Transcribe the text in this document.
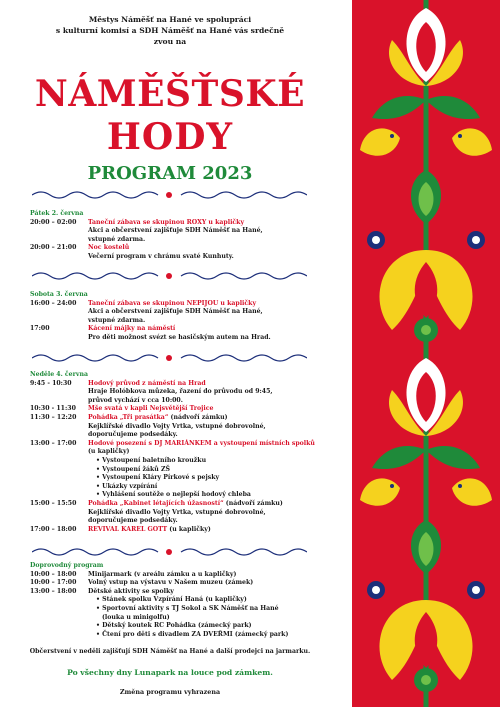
Městys Náměšť na Hané ve spolupráci
s kulturní komisí a SDH Náměšť na Hané vás srdečně
zvou na
NÁMĚŠŤSKÉ
HODY
PROGRAM 2023
Pátek 2. června
20:00 – 02:00	Taneční zábava se skupinou ROXY u kapličky
Akci a občerstvení zajišťuje SDH Náměšť na Hané,
vstupné zdarma.
20:00 – 21:00	Noc kostelů
Večerní program v chrámu svaté Kunhuty.
Sobota 3. června
16:00 – 24:00	Taneční zábava se skupinou NEPIJOU u kapličky
Akci a občerstvení zajišťuje SDH Náměšť na Hané,
vstupné zdarma.
17:00	Kácení májky na náměstí
Pro děti možnost svézt se hasičským autem na Hrad.
Neděle 4. června
9:45 - 10:30	Hodový průvod z náměstí na Hrad
Hraje Holóbkova můzeka, řazení do průvodu od 9:45,
průvod vychází v cca 10:00.
10:30 - 11:30	Mše svatá v kapli Nejsvětější Trojice
11:30 – 12:20	Pohádka „Tři prasátka“ (nádvoří zámku)
Kejklířské divadlo Vojty Vrtka, vstupné dobrovolné,
doporučujeme podsedáky.
13:00 – 17:00	Hodové posezení s DJ MARIÁNKEM a vystoupení místních spolků
(u kapličky)
• Vystoupení baletního kroužku
• Vystoupení žáků ZŠ
• Vystoupení Kláry Pírkové s pejsky
• Ukázky vzpírání
• Vyhlášení soutěže o nejlepší hodový chleba
15:00 – 15:50	Pohádka „Kabinet létajících úžasností“ (nádvoří zámku)
Kejklířské divadlo Vojty Vrtka, vstupné dobrovolné,
doporučujeme podsedáky.
17:00 – 18:00	REVIVAL KAREL GOTT (u kapličky)
Doprovodný program
10:00 – 18:00	Minijarmark (v areálu zámku a u kapličky)
10:00 – 17:00	Volný vstup na výstavu v Našem muzeu (zámek)
13:00 – 18:00	Dětské aktivity se spolky
• Stánek spolku Vzpírání Haná (u kapličky)
• Sportovní aktivity s TJ Sokol a SK Náměšť na Hané
(louka u minigolfu)
• Dětský koutek RC Pohádka (zámecký park)
• Čtení pro děti s divadlem ZA DVEŘMI (zámecký park)
Občerstvení v neděli zajišťují SDH Náměšť na Hané a další prodejci na jarmarku.
Po všechny dny Lunapark na louce pod zámkem.
Změna programu vyhrazena
